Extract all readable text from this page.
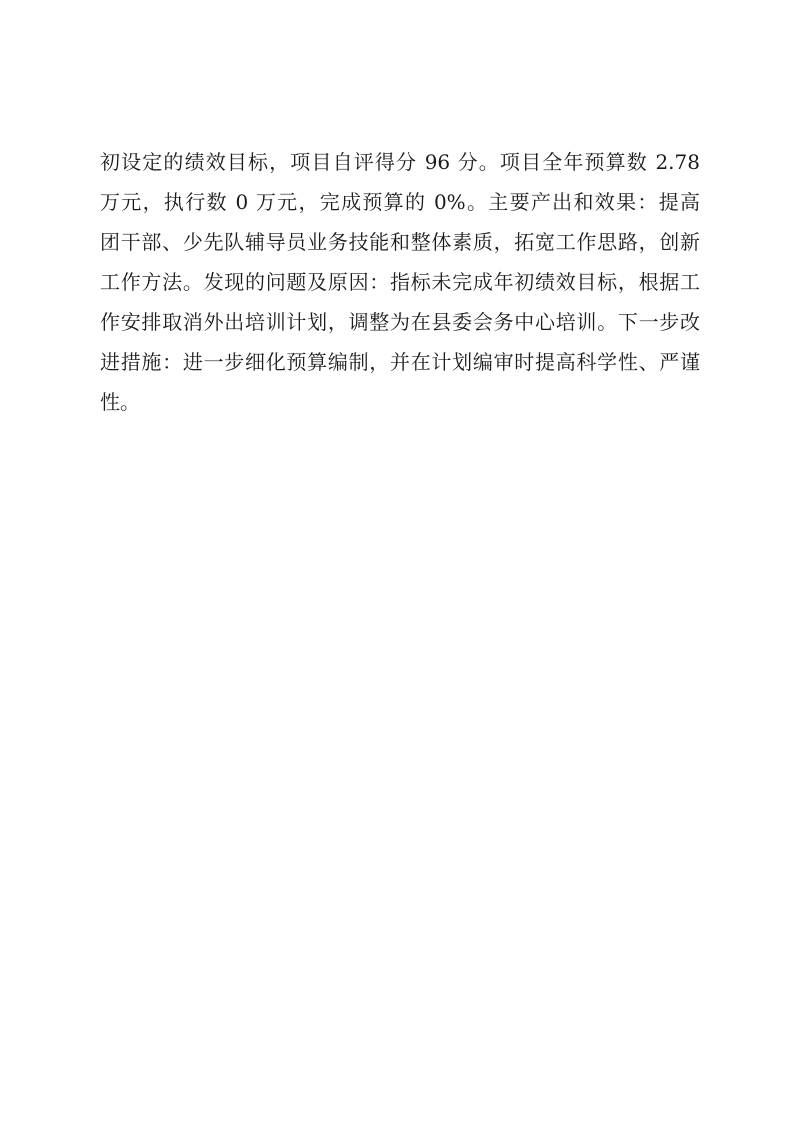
初设定的绩效目标，项目自评得分 96 分。项目全年预算数 2.78
万元，执行数 0 万元，完成预算的 0%。主要产出和效果：提高
团干部、少先队辅导员业务技能和整体素质，拓宽工作思路，创新
工作方法。发现的问题及原因：指标未完成年初绩效目标，根据工
作安排取消外出培训计划，调整为在县委会务中心培训。下一步改
进措施：进一步细化预算编制，并在计划编审时提高科学性、严谨
性。
